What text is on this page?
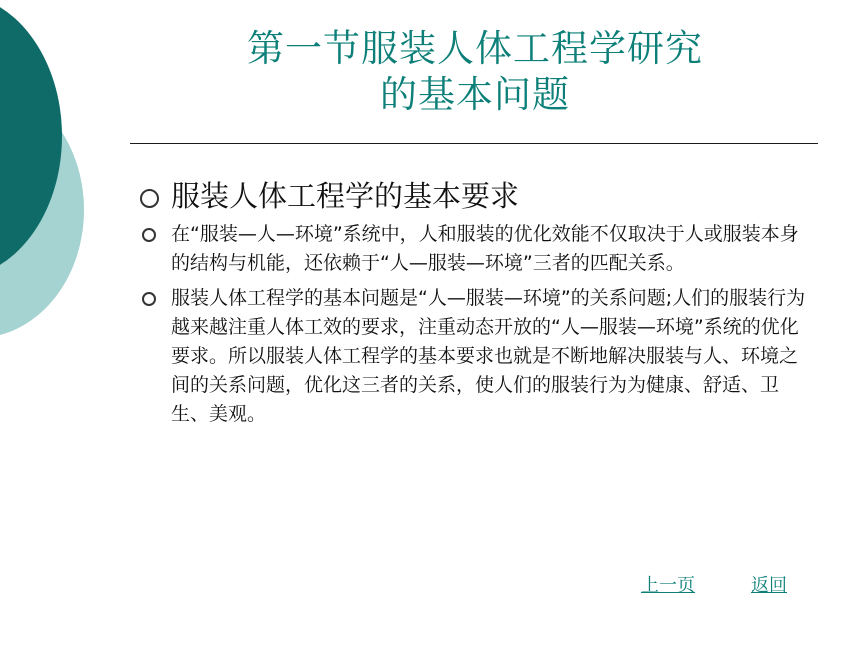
第一节服装人体工程学研究
的基本问题
服装人体工程学的基本要求
在“服装—人—环境”系统中，人和服装的优化效能不仅取决于人或服装本身的结构与机能，还依赖于“人—服装—环境”三者的匹配关系。
服装人体工程学的基本问题是“人—服装—环境”的关系问题;人们的服装行为越来越注重人体工效的要求，注重动态开放的“人—服装—环境”系统的优化要求。所以服装人体工程学的基本要求也就是不断地解决服装与人、环境之间的关系问题，优化这三者的关系，使人们的服装行为为健康、舒适、卫生、美观。
上一页	返回
